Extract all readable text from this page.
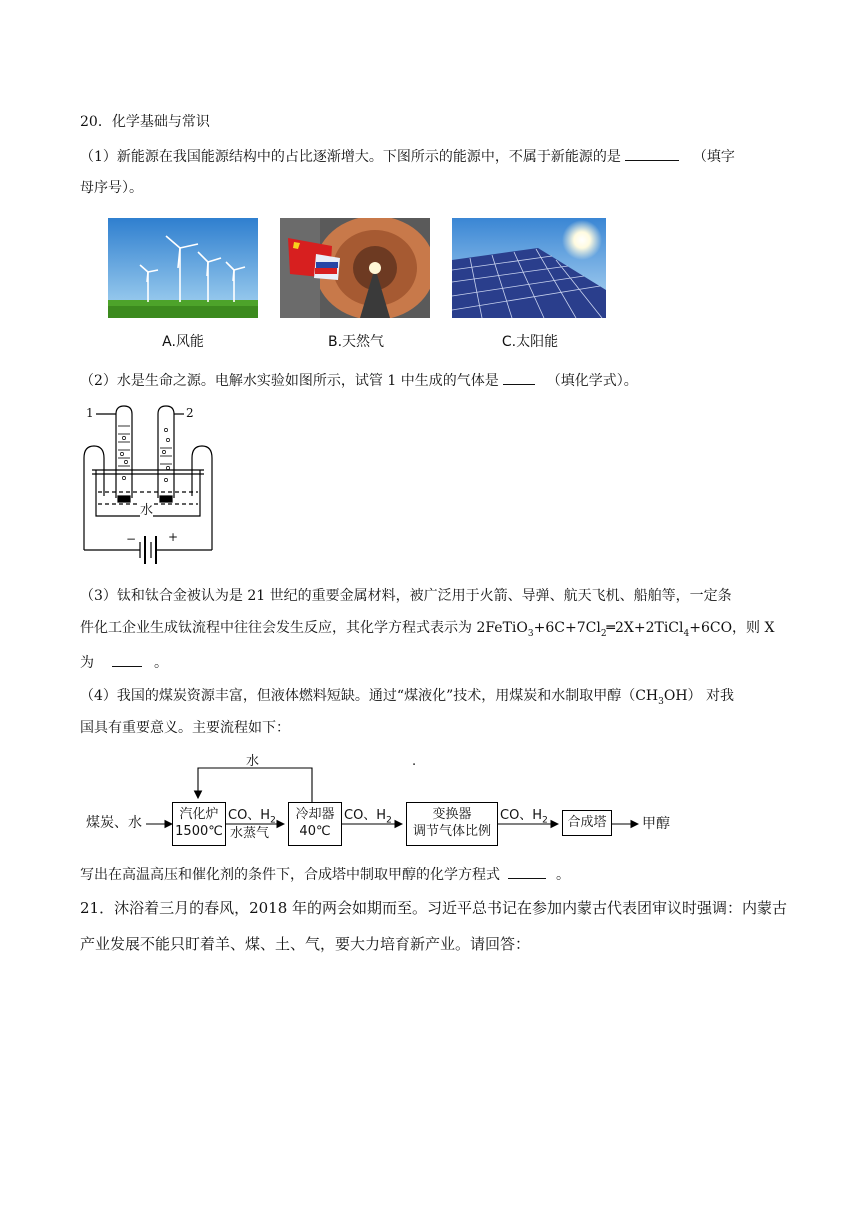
20．化学基础与常识
（1）新能源在我国能源结构中的占比逐渐增大。下图所示的能源中，不属于新能源的是	（填字
母序号）。
A.风能	B.天然气	C.太阳能
（2）水是生命之源。电解水实验如图所示，试管 1 中生成的气体是	（填化学式）。
1	2
水
−	+
（3）钛和钛合金被认为是 21 世纪的重要金属材料，被广泛用于火箭、导弹、航天飞机、船舶等，一定条
件化工企业生成钛流程中往往会发生反应，其化学方程式表示为 $2FeTiO_3+6C+7Cl_2═2X+2TiCl_4+6CO$，则 X
为	。
（4）我国的煤炭资源丰富，但液体燃料短缺。通过“煤液化”技术，用煤炭和水制取甲醇$(CH_3OH)$ 对我
国具有重要意义。主要流程如下：
煤炭、水
汽化炉
1500℃
CO、$H_2$
水蒸气
水
冷却器
40℃
CO、$H_2$	变换器
调节气体比例
CO、$H_2$	合成塔	甲醇
.
写出在高温高压和催化剂的条件下，合成塔中制取甲醇的化学方程式	。
21．沐浴着三月的春风，2018 年的两会如期而至。习近平总书记在参加内蒙古代表团审议时强调：内蒙古
产业发展不能只盯着羊、煤、土、气，要大力培育新产业。请回答：
